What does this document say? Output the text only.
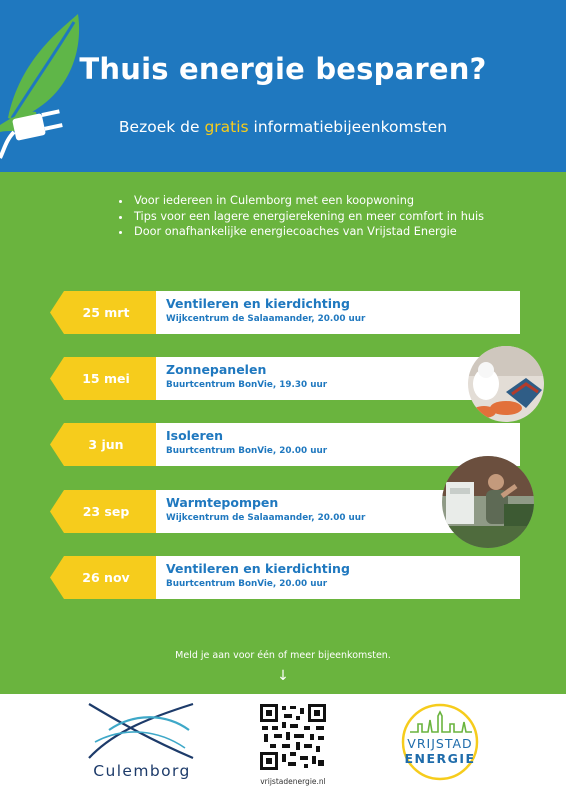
Thuis energie besparen?

Bezoek de gratis informatiebijeenkomsten

• Voor iedereen in Culemborg met een koopwoning
• Tips voor een lagere energierekening en meer comfort in huis
• Door onafhankelijke energiecoaches van Vrijstad Energie
25 mrt
Ventileren en kierdichting
Wijkcentrum de Salaamander, 20.00 uur
15 mei
Zonnepanelen
Buurtcentrum BonVie, 19.30 uur
3 jun
Isoleren
Buurtcentrum BonVie, 20.00 uur
23 sep
Warmtepompen
Wijkcentrum de Salaamander, 20.00 uur
26 nov
Ventileren en kierdichting
Buurtcentrum BonVie, 20.00 uur

Meld je aan voor één of meer bijeenkomsten.

↓
Culemborg
vrijstadenergie.nl
VRIJSTAD
ENERGIE
